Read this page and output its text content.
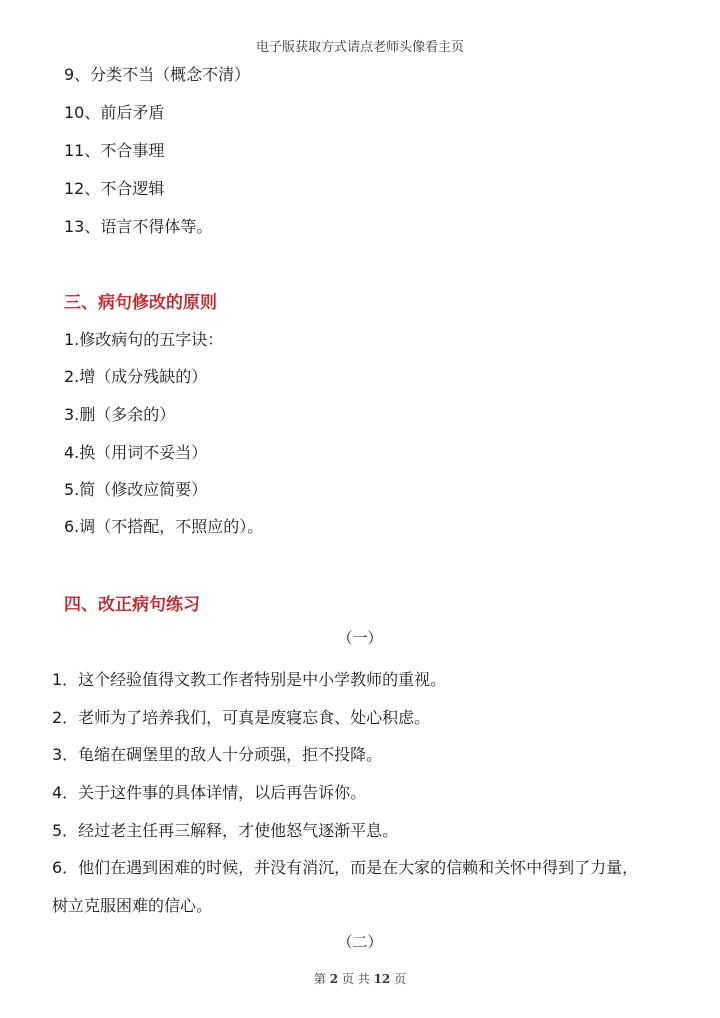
电子版获取方式请点老师头像看主页
9、分类不当（概念不清）
10、前后矛盾
11、不合事理
12、不合逻辑
13、语言不得体等。
三、病句修改的原则
1.修改病句的五字诀：
2.增（成分残缺的）
3.删（多余的）
4.换（用词不妥当）
5.简（修改应简要）
6.调（不搭配，不照应的）。
四、改正病句练习
（一）
1．这个经验值得文教工作者特别是中小学教师的重视。
2．老师为了培养我们，可真是废寝忘食、处心积虑。
3．龟缩在碉堡里的敌人十分顽强，拒不投降。
4．关于这件事的具体详情，以后再告诉你。
5．经过老主任再三解释，才使他怒气逐渐平息。
6．他们在遇到困难的时候，并没有消沉，而是在大家的信赖和关怀中得到了力量，
树立克服困难的信心。
（二）
第 2 页 共 12 页
